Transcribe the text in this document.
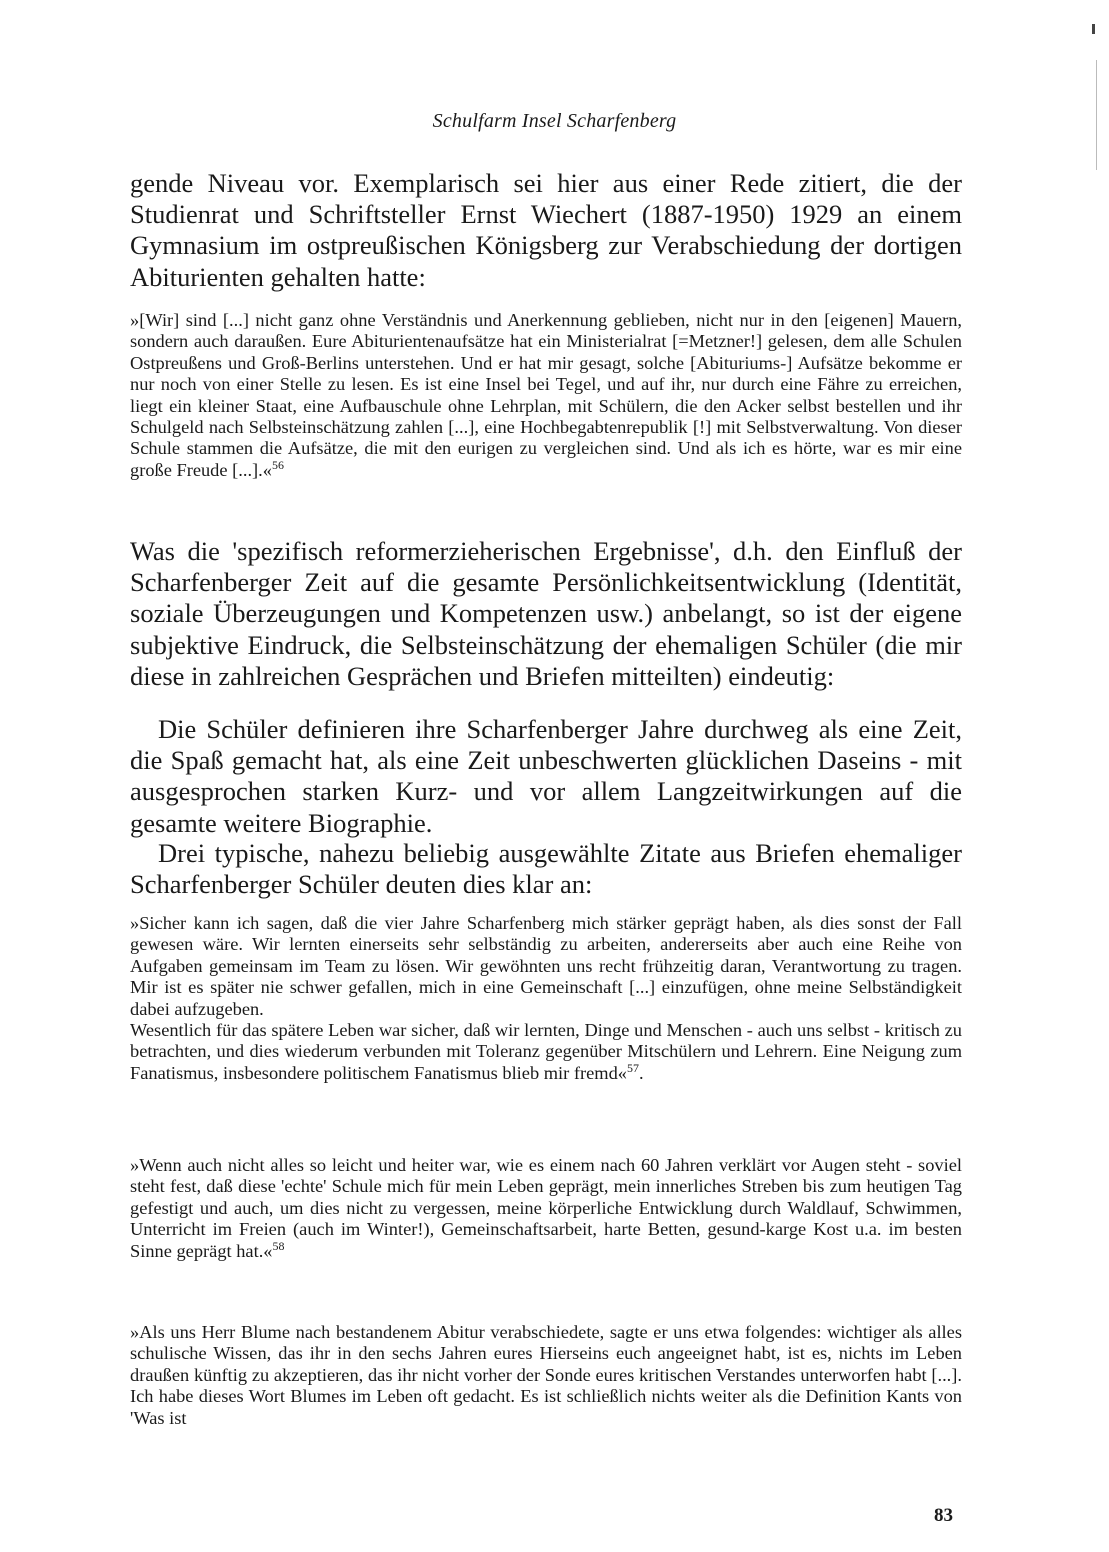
Schulfarm Insel Scharfenberg

gende Niveau vor. Exemplarisch sei hier aus einer Rede zitiert, die der Studienrat und Schriftsteller Ernst Wiechert (1887-1950) 1929 an einem Gymnasium im ostpreußischen Königsberg zur Verabschiedung der dortigen Abiturienten gehalten hatte:

»[Wir] sind [...] nicht ganz ohne Verständnis und Anerkennung geblieben, nicht nur in den [eigenen] Mauern, sondern auch daraußen. Eure Abiturientenaufsätze hat ein Ministerialrat [=Metzner!] gelesen, dem alle Schulen Ostpreußens und Groß-Berlins unterstehen. Und er hat mir gesagt, solche [Abituriums-] Aufsätze bekomme er nur noch von einer Stelle zu lesen. Es ist eine Insel bei Tegel, und auf ihr, nur durch eine Fähre zu erreichen, liegt ein kleiner Staat, eine Aufbauschule ohne Lehrplan, mit Schülern, die den Acker selbst bestellen und ihr Schulgeld nach Selbsteinschätzung zahlen [...], eine Hochbegabtenrepublik [!] mit Selbstverwaltung. Von dieser Schule stammen die Aufsätze, die mit den eurigen zu vergleichen sind. Und als ich es hörte, war es mir eine große Freude [...].«$^{56}$

Was die 'spezifisch reformerzieherischen Ergebnisse', d.h. den Einfluß der Scharfenberger Zeit auf die gesamte Persönlichkeitsentwicklung (Identität, soziale Überzeugungen und Kompetenzen usw.) anbelangt, so ist der eigene subjektive Eindruck, die Selbsteinschätzung der ehemaligen Schüler (die mir diese in zahlreichen Gesprächen und Briefen mitteilten) eindeutig:

Die Schüler definieren ihre Scharfenberger Jahre durchweg als eine Zeit, die Spaß gemacht hat, als eine Zeit unbeschwerten glücklichen Daseins - mit ausgesprochen starken Kurz- und vor allem Langzeitwirkungen auf die gesamte weitere Biographie.

Drei typische, nahezu beliebig ausgewählte Zitate aus Briefen ehemaliger Scharfenberger Schüler deuten dies klar an:

»Sicher kann ich sagen, daß die vier Jahre Scharfenberg mich stärker geprägt haben, als dies sonst der Fall gewesen wäre. Wir lernten einerseits sehr selbständig zu arbeiten, andererseits aber auch eine Reihe von Aufgaben gemeinsam im Team zu lösen. Wir gewöhnten uns recht frühzeitig daran, Verantwortung zu tragen. Mir ist es später nie schwer gefallen, mich in eine Gemeinschaft [...] einzufügen, ohne meine Selbständigkeit dabei aufzugeben.
Wesentlich für das spätere Leben war sicher, daß wir lernten, Dinge und Menschen - auch uns selbst - kritisch zu betrachten, und dies wiederum verbunden mit Toleranz gegenüber Mitschülern und Lehrern. Eine Neigung zum Fanatismus, insbesondere politischem Fanatismus blieb mir fremd«$^{57}$.

»Wenn auch nicht alles so leicht und heiter war, wie es einem nach 60 Jahren verklärt vor Augen steht - soviel steht fest, daß diese 'echte' Schule mich für mein Leben geprägt, mein innerliches Streben bis zum heutigen Tag gefestigt und auch, um dies nicht zu vergessen, meine körperliche Entwicklung durch Waldlauf, Schwimmen, Unterricht im Freien (auch im Winter!), Gemeinschaftsarbeit, harte Betten, gesund-karge Kost u.a. im besten Sinne geprägt hat.«$^{58}$

»Als uns Herr Blume nach bestandenem Abitur verabschiedete, sagte er uns etwa folgendes: wichtiger als alles schulische Wissen, das ihr in den sechs Jahren eures Hierseins euch angeeignet habt, ist es, nichts im Leben draußen künftig zu akzeptieren, das ihr nicht vorher der Sonde eures kritischen Verstandes unterworfen habt [...]. Ich habe dieses Wort Blumes im Leben oft gedacht. Es ist schließlich nichts weiter als die Definition Kants von 'Was ist

83
